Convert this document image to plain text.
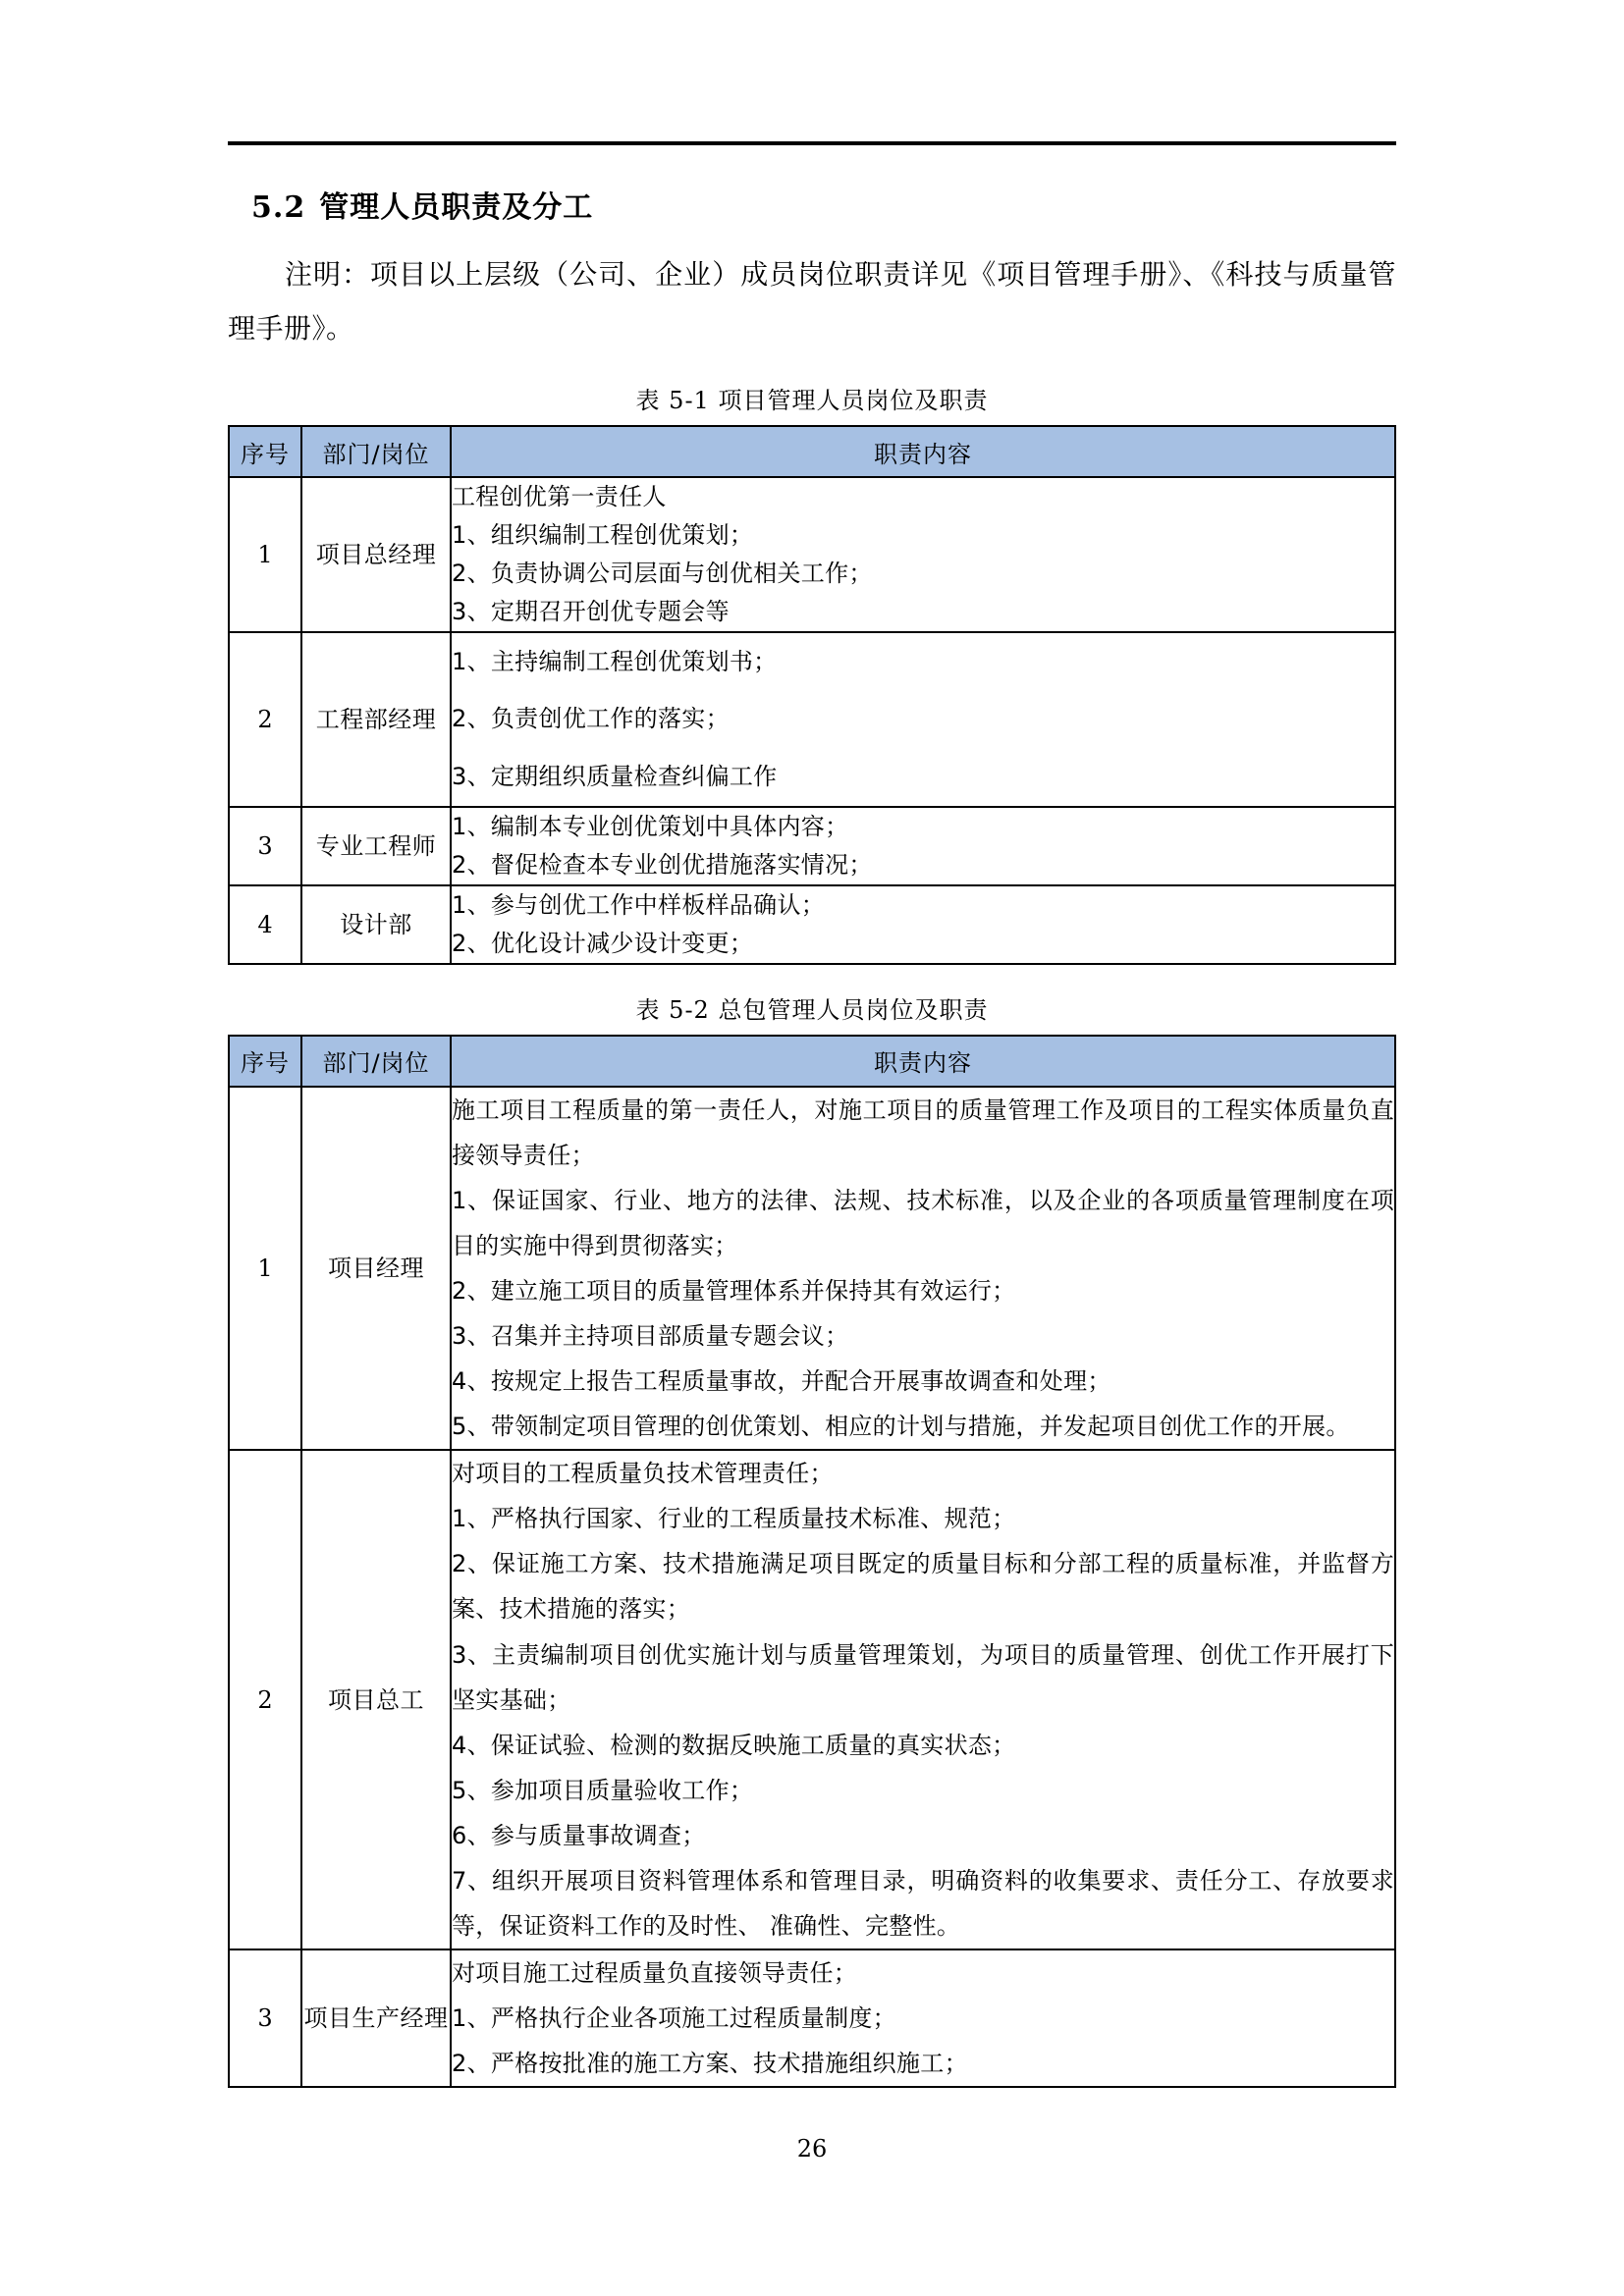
5.2 管理人员职责及分工

注明：项目以上层级（公司、企业）成员岗位职责详见《项目管理手册》、《科技与质量管理手册》。

表 5-1 项目管理人员岗位及职责
序号	部门/岗位	职责内容
1	项目总经理	工程创优第一责任人
1、组织编制工程创优策划；
2、负责协调公司层面与创优相关工作；
3、定期召开创优专题会等

2	工程部经理	1、主持编制工程创优策划书；
2、负责创优工作的落实；
3、定期组织质量检查纠偏工作

3	专业工程师	1、编制本专业创优策划中具体内容；
2、督促检查本专业创优措施落实情况；

4	设计部	1、参与创优工作中样板样品确认；
2、优化设计减少设计变更；
表 5-2 总包管理人员岗位及职责
序号	部门/岗位	职责内容
1	项目经理	
施工项目工程质量的第一责任人，对施工项目的质量管理工作及项目的工程实体质量负直接领导责任；
1、保证国家、行业、地方的法律、法规、技术标准，以及企业的各项质量管理制度在项目的实施中得到贯彻落实；
2、建立施工项目的质量管理体系并保持其有效运行；
3、召集并主持项目部质量专题会议；
4、按规定上报告工程质量事故，并配合开展事故调查和处理；
5、带领制定项目管理的创优策划、相应的计划与措施，并发起项目创优工作的开展。

2	项目总工	
对项目的工程质量负技术管理责任；
1、严格执行国家、行业的工程质量技术标准、规范；
2、保证施工方案、技术措施满足项目既定的质量目标和分部工程的质量标准，并监督方案、技术措施的落实；
3、主责编制项目创优实施计划与质量管理策划，为项目的质量管理、创优工作开展打下坚实基础；
4、保证试验、检测的数据反映施工质量的真实状态；
5、参加项目质量验收工作；
6、参与质量事故调查；
7、组织开展项目资料管理体系和管理目录，明确资料的收集要求、责任分工、存放要求等，保证资料工作的及时性、 准确性、完整性。

3	项目生产经理	对项目施工过程质量负直接领导责任；
1、严格执行企业各项施工过程质量制度；
2、严格按批准的施工方案、技术措施组织施工；
26
